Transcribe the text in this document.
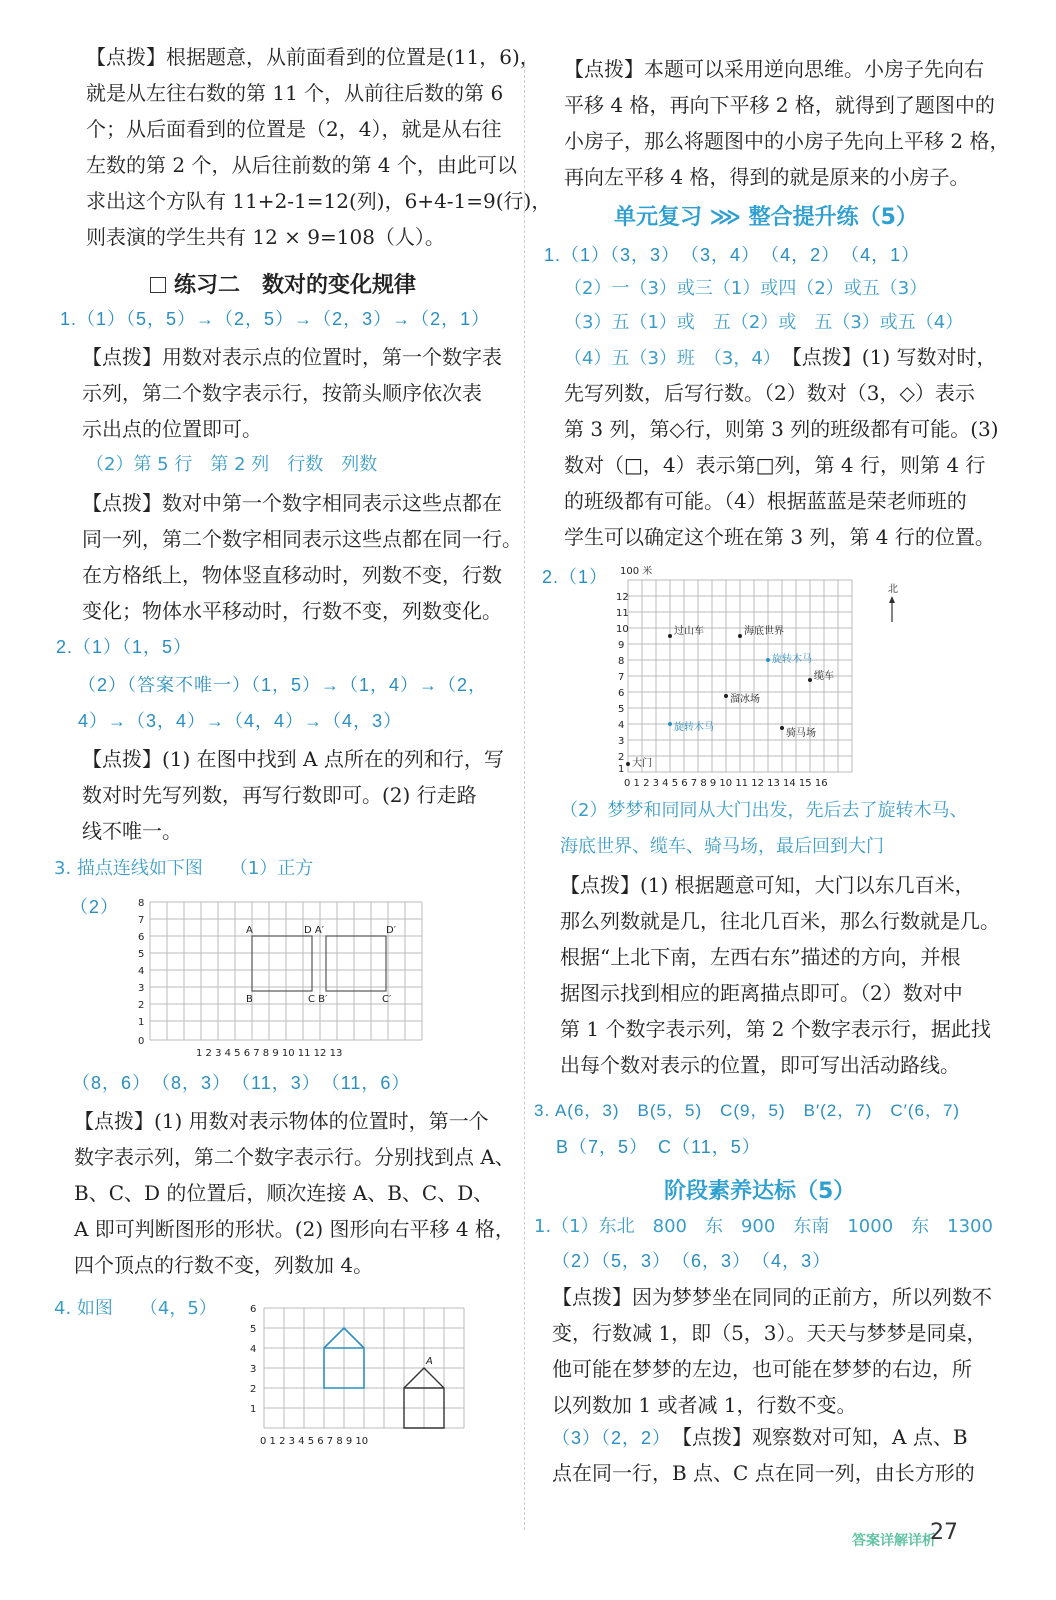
【点拨】根据题意，从前面看到的位置是(11，6)，
就是从左往右数的第 11 个，从前往后数的第 6
个；从后面看到的位置是（2，4），就是从右往
左数的第 2 个，从后往前数的第 4 个，由此可以
求出这个方队有 11+2-1=12(列)，6+4-1=9(行)，
则表演的学生共有 12 × 9=108（人）。
练习二　数对的变化规律
1.（1）（5，5）→（2，5）→（2，3）→（2，1）
【点拨】用数对表示点的位置时，第一个数字表
示列，第二个数字表示行，按箭头顺序依次表
示出点的位置即可。
（2）第 5 行　第 2 列　行数　列数
【点拨】数对中第一个数字相同表示这些点都在
同一列，第二个数字相同表示这些点都在同一行。
在方格纸上，物体竖直移动时，列数不变，行数
变化；物体水平移动时，行数不变，列数变化。
2.（1）（1，5）
（2）（答案不唯一）（1，5）→（1，4）→（2，
4）→（3，4）→（4，4）→（4，3）
【点拨】(1) 在图中找到 A 点所在的列和行，写
数对时先写列数，再写行数即可。(2) 行走路
线不唯一。
3. 描点连线如下图　　（1）正方
（2）
A	D A′	D′
B	C B′	C′
8
7
6
5
4
3
2
1
0
1 2 3 4 5 6 7 8 9 10 11 12 13
（8，6）　（8，3）　（11，3）　（11，6）
【点拨】(1) 用数对表示物体的位置时，第一个
数字表示列，第二个数字表示行。分别找到点 A、
B、C、D 的位置后，顺次连接 A、B、C、D、
A 即可判断图形的形状。(2) 图形向右平移 4 格，
四个顶点的行数不变，列数加 4。
4. 如图　　（4，5）
A
6
5
4
3
2
1
0 1 2 3 4 5 6 7 8 9 10
【点拨】本题可以采用逆向思维。小房子先向右
平移 4 格，再向下平移 2 格，就得到了题图中的
小房子，那么将题图中的小房子先向上平移 2 格，
再向左平移 4 格，得到的就是原来的小房子。
单元复习 ⋙ 整合提升练（5）
1.（1）（3，3）　（3，4）　（4，2）　（4，1）
（2）一（3）或三（1）或四（2）或五（3）
（3）五（1）或　五（2）或　五（3）或五（4）
（4）五（3）班　（3，4）　 【点拨】(1) 写数对时，
先写列数，后写行数。（2）数对（3，◇）表示
第 3 列，第◇行，则第 3 列的班级都有可能。(3)
数对（□，4）表示第□列，第 4 行，则第 4 行
的班级都有可能。（4）根据蓝蓝是荣老师班的
学生可以确定这个班在第 3 列，第 4 行的位置。
2.（1） 100 米
北
12
11
10
9
8
7
6
5
4
3
2
1
0 1 2 3 4 5 6 7 8 9 10 11 12 13 14 15 16
过山车	海底世界
旋转木马
缆车
溜冰场
骑马场
旋转木马
大门
（2）梦梦和同同从大门出发，先后去了旋转木马、
海底世界、缆车、骑马场，最后回到大门
【点拨】(1) 根据题意可知，大门以东几百米，
那么列数就是几，往北几百米，那么行数就是几。
根据“上北下南，左西右东”描述的方向，并根
据图示找到相应的距离描点即可。（2）数对中
第 1 个数字表示列，第 2 个数字表示行，据此找
出每个数对表示的位置，即可写出活动路线。
3. A(6，3)　B(5，5)　C(9，5)　B′(2，7)　C′(6，7)
B（7，5）　C（11，5）
阶段素养达标（5）
1.（1）东北　800　东　900　东南　1000　东　1300
（2）（5，3）　（6，3）　（4，3）
【点拨】因为梦梦坐在同同的正前方，所以列数不
变，行数减 1，即（5，3）。天天与梦梦是同桌，
他可能在梦梦的左边，也可能在梦梦的右边，所
以列数加 1 或者减 1，行数不变。
（3）（2，2）　 【点拨】观察数对可知，A 点、B
点在同一行，B 点、C 点在同一列，由长方形的
答案详解详析
27
